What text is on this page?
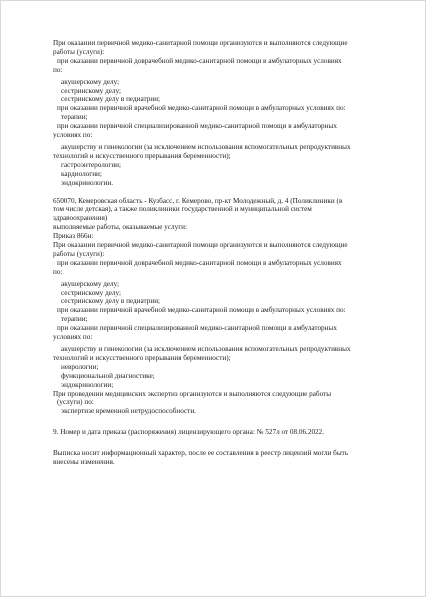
При оказании первичной медико-санитарной помощи организуются и выполняются следующие

работы (услуги):

при оказании первичной доврачебной медико-санитарной помощи в амбулаторных условиях

по:

акушерскому делу;

сестринскому делу;

сестринскому делу в педиатрии;

при оказании первичной врачебной медико-санитарной помощи в амбулаторных условиях по:

терапии;

при оказании первичной специализированной медико-санитарной помощи в амбулаторных

условиях по:

акушерству и гинекологии (за исключением использования вспомогательных репродуктивных

технологий и искусственного прерывания беременности);

гастроэнтерологии;

кардиологии;

эндокринологии.

650070, Кемеровская область - Кузбасс, г. Кемерово, пр-кт Молодежный, д. 4 (Поликлиники (в

том числе детская), а также поликлиники государственной и муниципальной систем

здравоохранения)

выполняемые работы, оказываемые услуги:

Приказ 866н:

При оказании первичной медико-санитарной помощи организуются и выполняются следующие

работы (услуги):

при оказании первичной доврачебной медико-санитарной помощи в амбулаторных условиях

по:

акушерскому делу;

сестринскому делу;

сестринскому делу в педиатрии;

при оказании первичной врачебной медико-санитарной помощи в амбулаторных условиях по:

терапии;

при оказании первичной специализированной медико-санитарной помощи в амбулаторных

условиях по:

акушерству и гинекологии (за исключением использования вспомогательных репродуктивных

технологий и искусственного прерывания беременности);

неврологии;

функциональной диагностике;

эндокринологии;

При проведении медицинских экспертиз организуются и выполняются следующие работы

(услуги) по:

экспертизе временной нетрудоспособности.

9. Номер и дата приказа (распоряжения) лицензирующего органа: № 527л от 08.06.2022.

Выписка носит информационный характер, после ее составления в реестр лицензий могли быть

внесены изменения.
